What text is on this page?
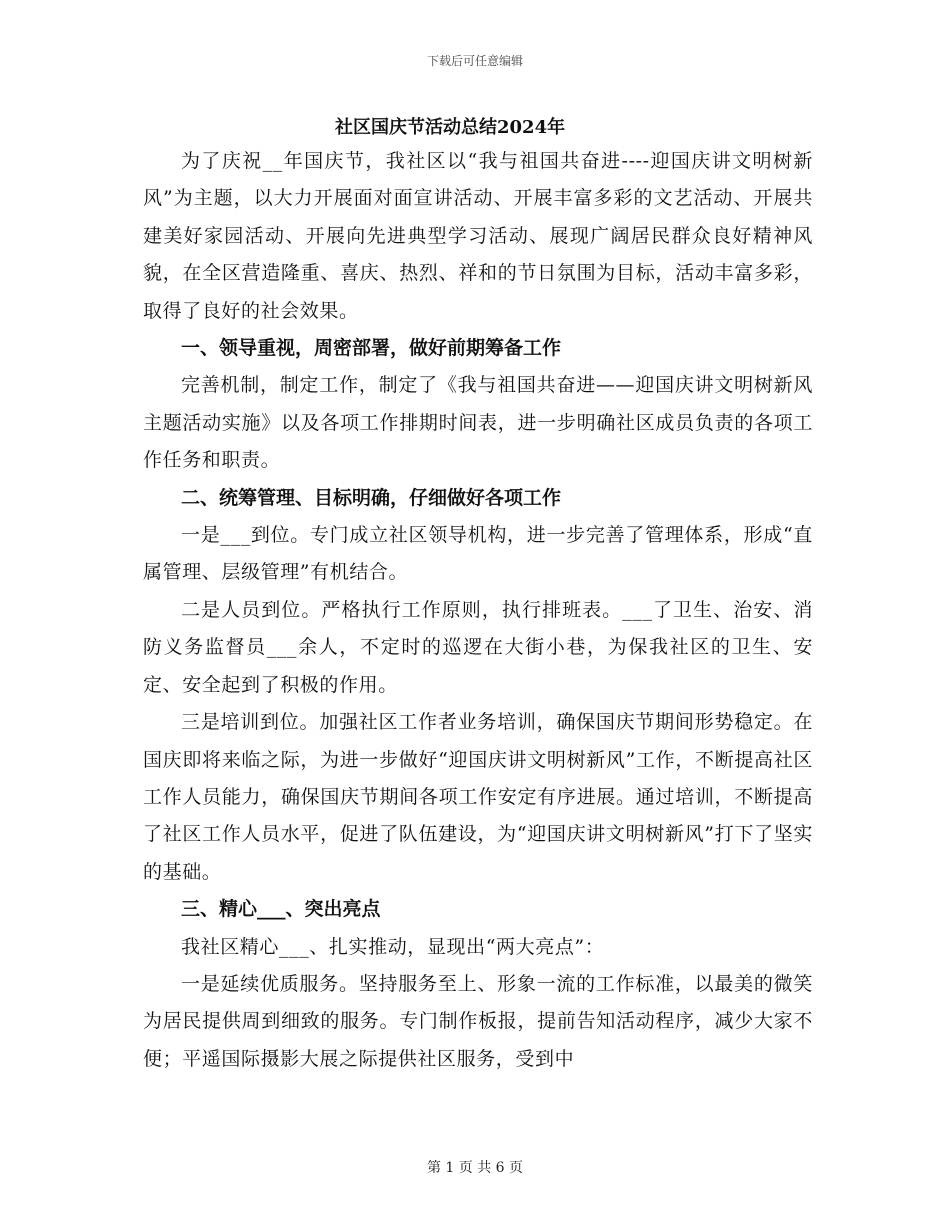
下载后可任意编辑
社区国庆节活动总结2024年

为了庆祝__年国庆节，我社区以“我与祖国共奋进----迎国庆讲文明树新风”为主题，以大力开展面对面宣讲活动、开展丰富多彩的文艺活动、开展共建美好家园活动、开展向先进典型学习活动、展现广阔居民群众良好精神风貌，在全区营造隆重、喜庆、热烈、祥和的节日氛围为目标，活动丰富多彩，取得了良好的社会效果。

一、领导重视，周密部署，做好前期筹备工作

完善机制，制定工作，制定了《我与祖国共奋进——迎国庆讲文明树新风主题活动实施》以及各项工作排期时间表，进一步明确社区成员负责的各项工作任务和职责。

二、统筹管理、目标明确，仔细做好各项工作

一是___到位。专门成立社区领导机构，进一步完善了管理体系，形成“直属管理、层级管理”有机结合。

二是人员到位。严格执行工作原则，执行排班表。___了卫生、治安、消防义务监督员___余人，不定时的巡逻在大街小巷，为保我社区的卫生、安定、安全起到了积极的作用。

三是培训到位。加强社区工作者业务培训，确保国庆节期间形势稳定。在国庆即将来临之际，为进一步做好“迎国庆讲文明树新风”工作，不断提高社区工作人员能力，确保国庆节期间各项工作安定有序进展。通过培训，不断提高了社区工作人员水平，促进了队伍建设，为“迎国庆讲文明树新风”打下了坚实的基础。

三、精心___、突出亮点

我社区精心___、扎实推动，显现出“两大亮点”：

一是延续优质服务。坚持服务至上、形象一流的工作标准，以最美的微笑为居民提供周到细致的服务。专门制作板报，提前告知活动程序，减少大家不便；平遥国际摄影大展之际提供社区服务，受到中

第 1 页 共 6 页
